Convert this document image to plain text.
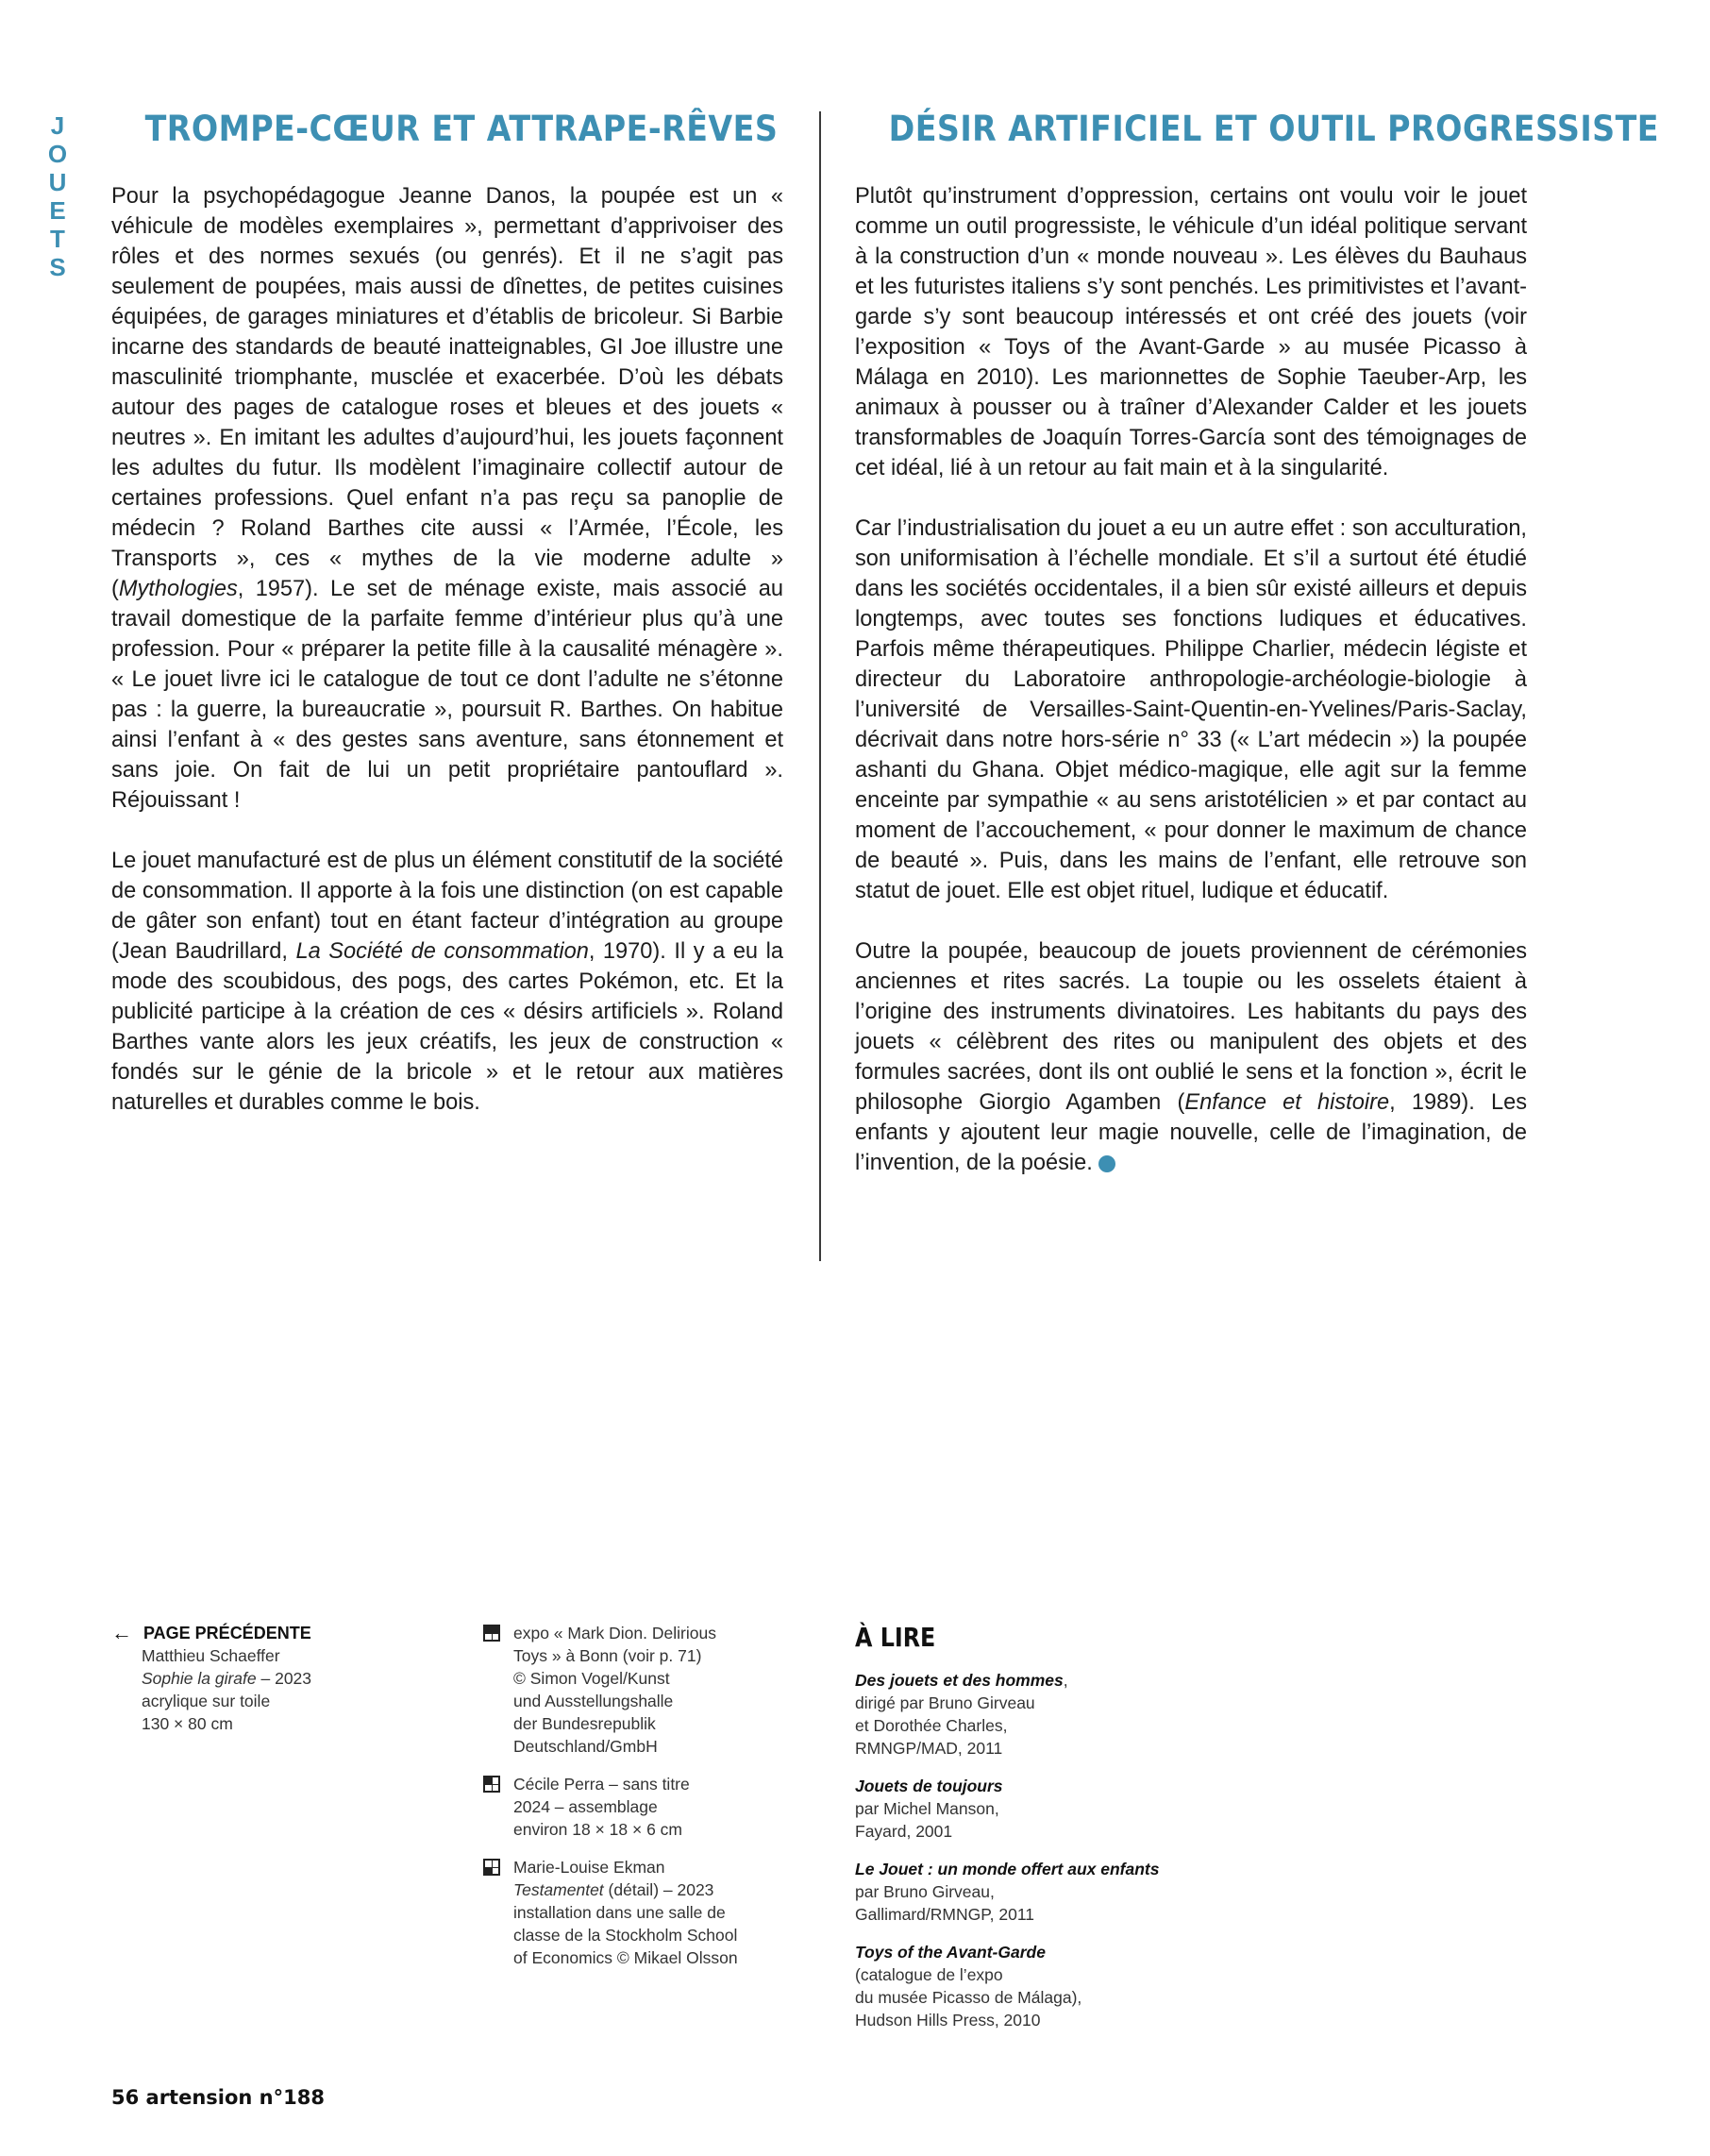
J
O
U
E
T
S
TROMPE-CŒUR ET ATTRAPE-RÊVES

Pour la psychopédagogue Jeanne Danos, la poupée est un « véhicule de modèles exemplaires », permettant d’apprivoiser des rôles et des normes sexués (ou genrés). Et il ne s’agit pas seulement de poupées, mais aussi de dînettes, de petites cuisines équipées, de garages miniatures et d’établis de bricoleur. Si Barbie incarne des standards de beauté inatteignables, GI Joe illustre une masculinité triomphante, musclée et exacerbée. D’où les débats autour des pages de catalogue roses et bleues et des jouets « neutres ». En imitant les adultes d’aujourd’hui, les jouets façonnent les adultes du futur. Ils modèlent l’imaginaire collectif autour de certaines professions. Quel enfant n’a pas reçu sa panoplie de médecin ? Roland Barthes cite aussi « l’Armée, l’École, les Transports », ces « mythes de la vie moderne adulte » (Mythologies, 1957). Le set de ménage existe, mais associé au travail domestique de la parfaite femme d’intérieur plus qu’à une profession. Pour « préparer la petite fille à la causalité ménagère ». « Le jouet livre ici le catalogue de tout ce dont l’adulte ne s’étonne pas : la guerre, la bureaucratie », poursuit R. Barthes. On habitue ainsi l’enfant à « des gestes sans aventure, sans étonnement et sans joie. On fait de lui un petit propriétaire pantouflard ». Réjouissant !

Le jouet manufacturé est de plus un élément constitutif de la société de consommation. Il apporte à la fois une distinction (on est capable de gâter son enfant) tout en étant facteur d’intégration au groupe (Jean Baudrillard, La Société de consommation, 1970). Il y a eu la mode des scoubidous, des pogs, des cartes Pokémon, etc. Et la publicité participe à la création de ces « désirs artificiels ». Roland Barthes vante alors les jeux créatifs, les jeux de construction « fondés sur le génie de la bricole » et le retour aux matières naturelles et durables comme le bois.

DÉSIR ARTIFICIEL ET OUTIL PROGRESSISTE

Plutôt qu’instrument d’oppression, certains ont voulu voir le jouet comme un outil progressiste, le véhicule d’un idéal politique servant à la construction d’un « monde nouveau ». Les élèves du Bauhaus et les futuristes italiens s’y sont penchés. Les primitivistes et l’avant-garde s’y sont beaucoup intéressés et ont créé des jouets (voir l’exposition « Toys of the Avant-Garde » au musée Picasso à Málaga en 2010). Les marionnettes de Sophie Taeuber-Arp, les animaux à pousser ou à traîner d’Alexander Calder et les jouets transformables de Joaquín Torres-García sont des témoignages de cet idéal, lié à un retour au fait main et à la singularité.

Car l’industrialisation du jouet a eu un autre effet : son acculturation, son uniformisation à l’échelle mondiale. Et s’il a surtout été étudié dans les sociétés occidentales, il a bien sûr existé ailleurs et depuis longtemps, avec toutes ses fonctions ludiques et éducatives. Parfois même thérapeutiques. Philippe Charlier, médecin légiste et directeur du Laboratoire anthropologie-archéologie-biologie à l’université de Versailles-Saint-Quentin-en-Yvelines/Paris-Saclay, décrivait dans notre hors-série n° 33 (« L’art médecin ») la poupée ashanti du Ghana. Objet médico-magique, elle agit sur la femme enceinte par sympathie « au sens aristotélicien » et par contact au moment de l’accouchement, « pour donner le maximum de chance de beauté ». Puis, dans les mains de l’enfant, elle retrouve son statut de jouet. Elle est objet rituel, ludique et éducatif.

Outre la poupée, beaucoup de jouets proviennent de cérémonies anciennes et rites sacrés. La toupie ou les osselets étaient à l’origine des instruments divinatoires. Les habitants du pays des jouets « célèbrent des rites ou manipulent des objets et des formules sacrées, dont ils ont oublié le sens et la fonction », écrit le philosophe Giorgio Agamben (Enfance et histoire, 1989). Les enfants y ajoutent leur magie nouvelle, celle de l’imagination, de l’invention, de la poésie.

← PAGE PRÉCÉDENTE
Matthieu Schaeffer
Sophie la girafe – 2023
acrylique sur toile
130 × 80 cm
expo « Mark Dion. Delirious
Toys » à Bonn (voir p. 71)
© Simon Vogel/Kunst
und Ausstellungshalle
der Bundesrepublik
Deutschland/GmbH
Cécile Perra – sans titre
2024 – assemblage
environ 18 × 18 × 6 cm
Marie-Louise Ekman
Testamentet (détail) – 2023
installation dans une salle de
classe de la Stockholm School
of Economics © Mikael Olsson
À LIRE
Des jouets et des hommes,
dirigé par Bruno Girveau
et Dorothée Charles,
RMNGP/MAD, 2011
Jouets de toujours
par Michel Manson,
Fayard, 2001
Le Jouet : un monde offert aux enfants
par Bruno Girveau,
Gallimard/RMNGP, 2011
Toys of the Avant-Garde
(catalogue de l’expo
du musée Picasso de Málaga),
Hudson Hills Press, 2010
56 artension n°188
